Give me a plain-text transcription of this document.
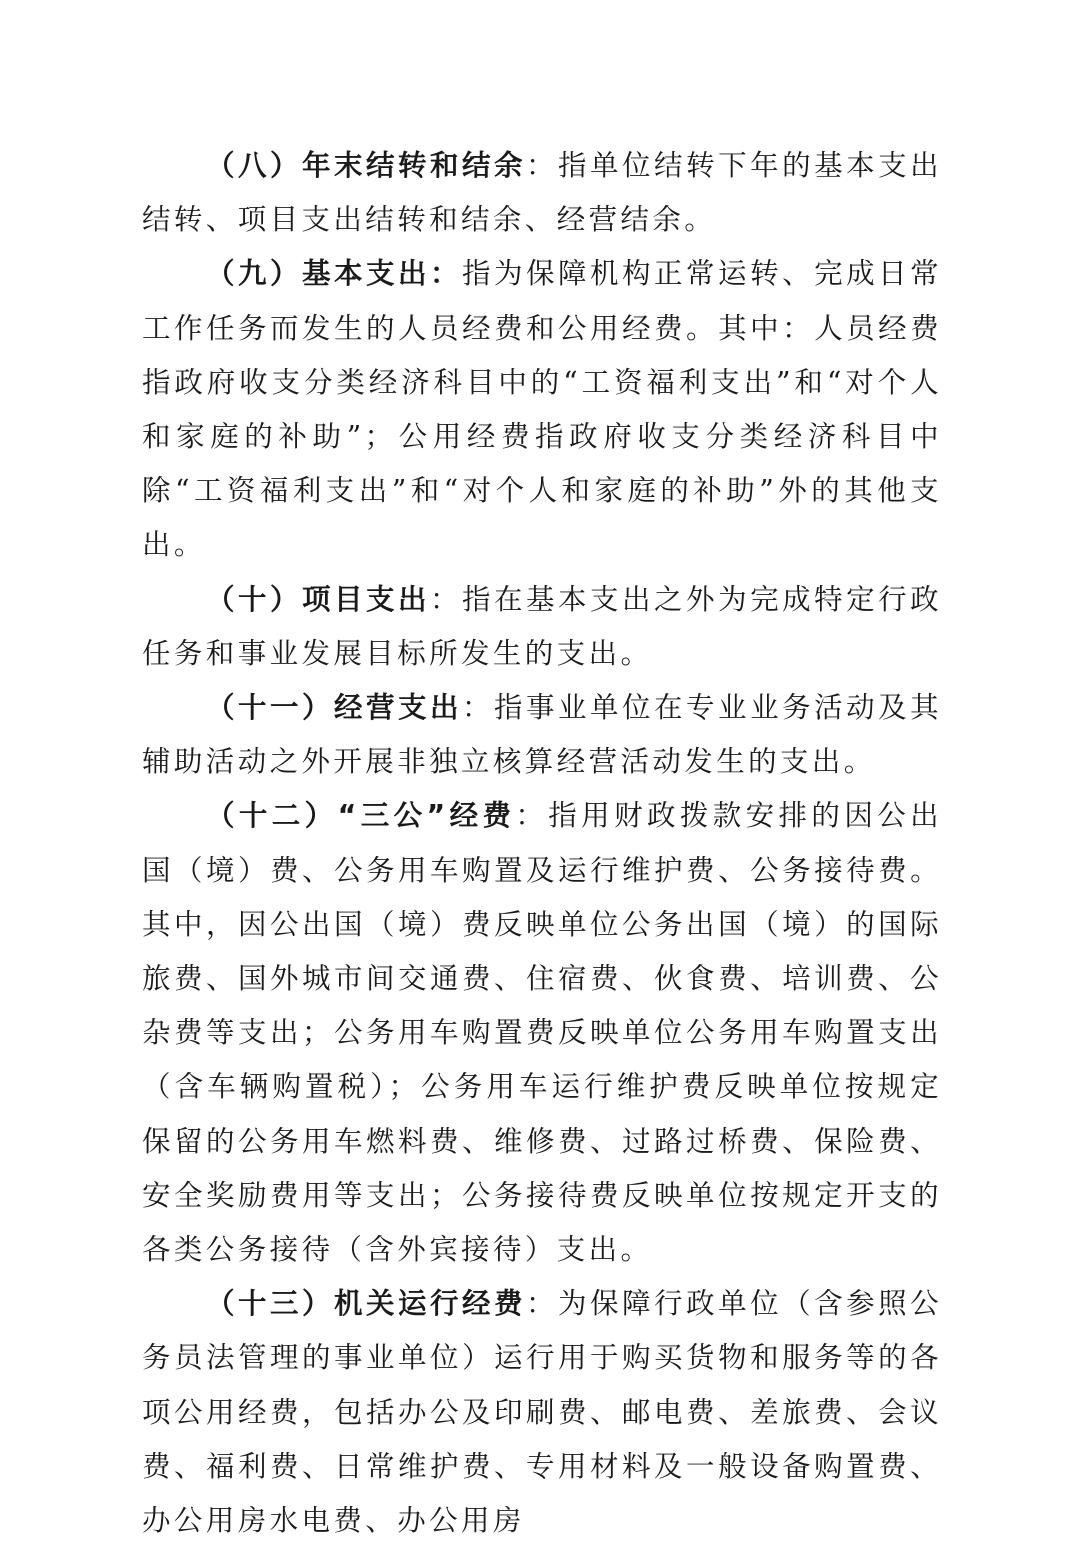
（八）年末结转和结余：指单位结转下年的基本支出结转、项目支出结转和结余、经营结余。

（九）基本支出：指为保障机构正常运转、完成日常工作任务而发生的人员经费和公用经费。其中：人员经费指政府收支分类经济科目中的“工资福利支出”和“对个人和家庭的补助”；公用经费指政府收支分类经济科目中除“工资福利支出”和“对个人和家庭的补助”外的其他支出。

（十）项目支出：指在基本支出之外为完成特定行政任务和事业发展目标所发生的支出。

（十一）经营支出：指事业单位在专业业务活动及其辅助活动之外开展非独立核算经营活动发生的支出。

（十二）“三公”经费：指用财政拨款安排的因公出国（境）费、公务用车购置及运行维护费、公务接待费。其中，因公出国（境）费反映单位公务出国（境）的国际旅费、国外城市间交通费、住宿费、伙食费、培训费、公杂费等支出；公务用车购置费反映单位公务用车购置支出（含车辆购置税）；公务用车运行维护费反映单位按规定保留的公务用车燃料费、维修费、过路过桥费、保险费、安全奖励费用等支出；公务接待费反映单位按规定开支的各类公务接待（含外宾接待）支出。

（十三）机关运行经费：为保障行政单位（含参照公务员法管理的事业单位）运行用于购买货物和服务等的各项公用经费，包括办公及印刷费、邮电费、差旅费、会议费、福利费、日常维护费、专用材料及一般设备购置费、办公用房水电费、办公用房
